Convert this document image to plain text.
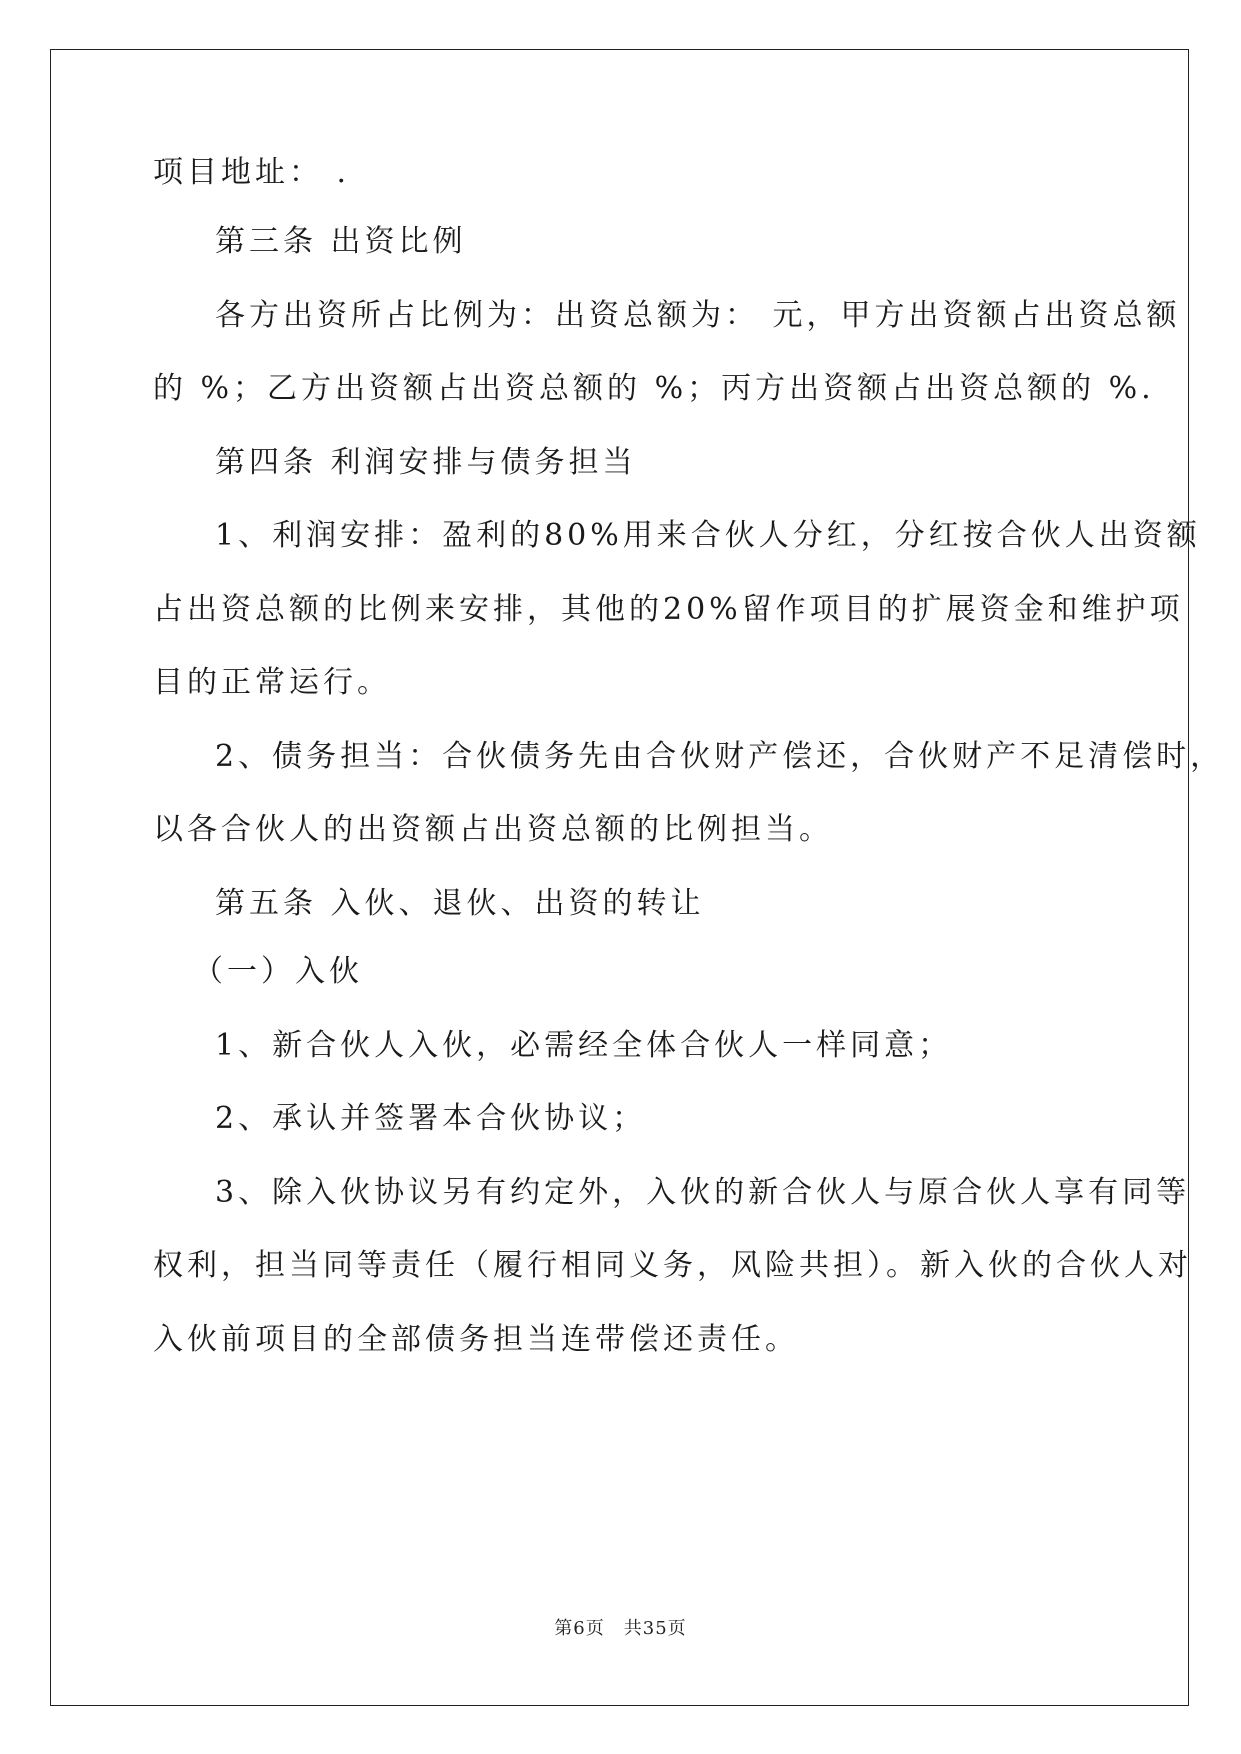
项目地址： .
第三条 出资比例
各方出资所占比例为：出资总额为： 元，甲方出资额占出资总额
的 %；乙方出资额占出资总额的 %；丙方出资额占出资总额的 %.
第四条 利润安排与债务担当
1、利润安排：盈利的80%用来合伙人分红，分红按合伙人出资额
占出资总额的比例来安排，其他的20%留作项目的扩展资金和维护项
目的正常运行。
2、债务担当：合伙债务先由合伙财产偿还，合伙财产不足清偿时，
以各合伙人的出资额占出资总额的比例担当。
第五条 入伙、退伙、出资的转让
（一）入伙
1、新合伙人入伙，必需经全体合伙人一样同意；
2、承认并签署本合伙协议；
3、除入伙协议另有约定外，入伙的新合伙人与原合伙人享有同等
权利，担当同等责任（履行相同义务，风险共担）。新入伙的合伙人对
入伙前项目的全部债务担当连带偿还责任。
第6页　共35页
